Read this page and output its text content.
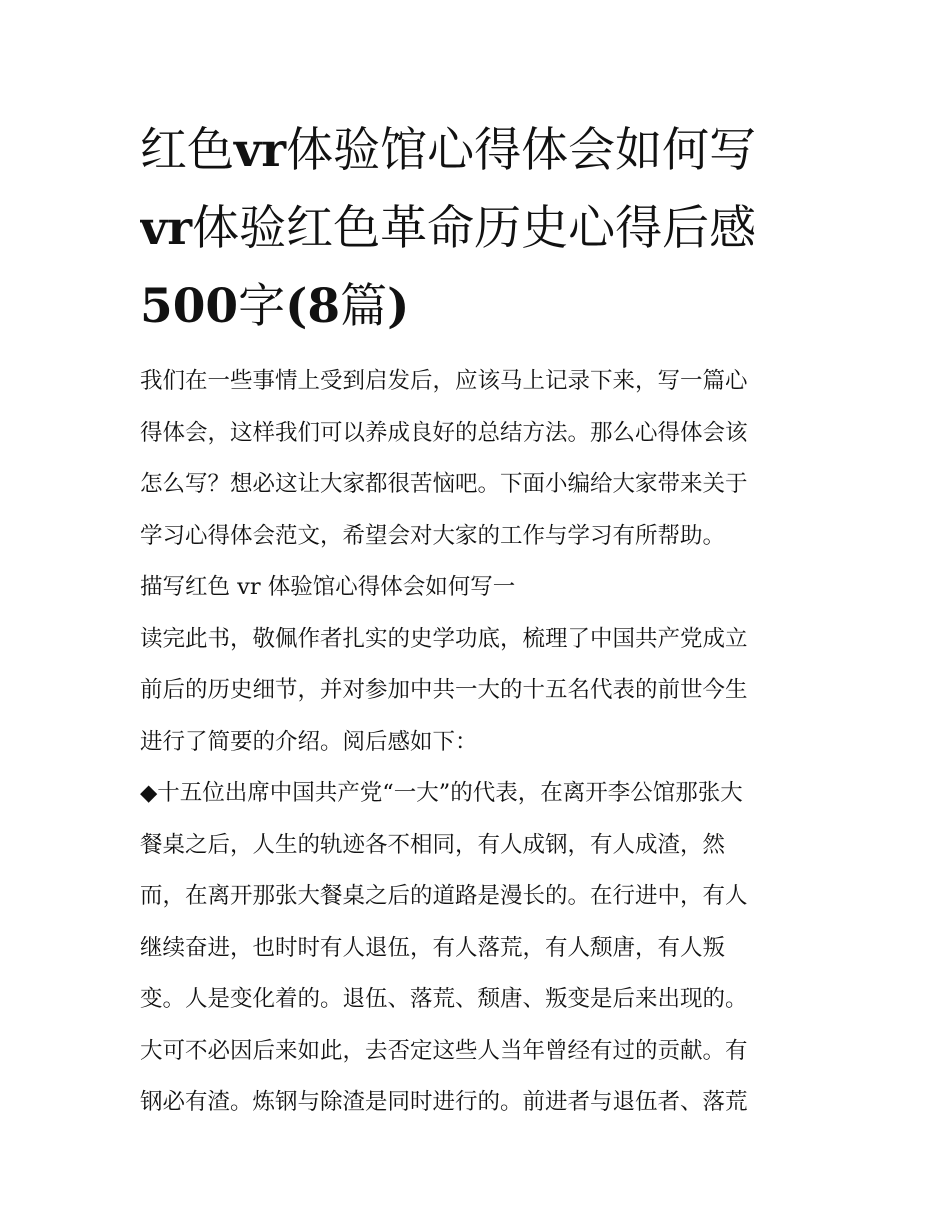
红色vr体验馆心得体会如何写
vr体验红色革命历史心得后感
500字(8篇)
我们在一些事情上受到启发后，应该马上记录下来，写一篇心
得体会，这样我们可以养成良好的总结方法。那么心得体会该
怎么写？想必这让大家都很苦恼吧。下面小编给大家带来关于
学习心得体会范文，希望会对大家的工作与学习有所帮助。
描写红色 vr 体验馆心得体会如何写一
读完此书，敬佩作者扎实的史学功底，梳理了中国共产党成立
前后的历史细节，并对参加中共一大的十五名代表的前世今生
进行了简要的介绍。阅后感如下：
◆十五位出席中国共产党“一大”的代表，在离开李公馆那张大
餐桌之后，人生的轨迹各不相同，有人成钢，有人成渣，然
而，在离开那张大餐桌之后的道路是漫长的。在行进中，有人
继续奋进，也时时有人退伍，有人落荒，有人颓唐，有人叛
变。人是变化着的。退伍、落荒、颓唐、叛变是后来出现的。
大可不必因后来如此，去否定这些人当年曾经有过的贡献。有
钢必有渣。炼钢与除渣是同时进行的。前进者与退伍者、落荒
